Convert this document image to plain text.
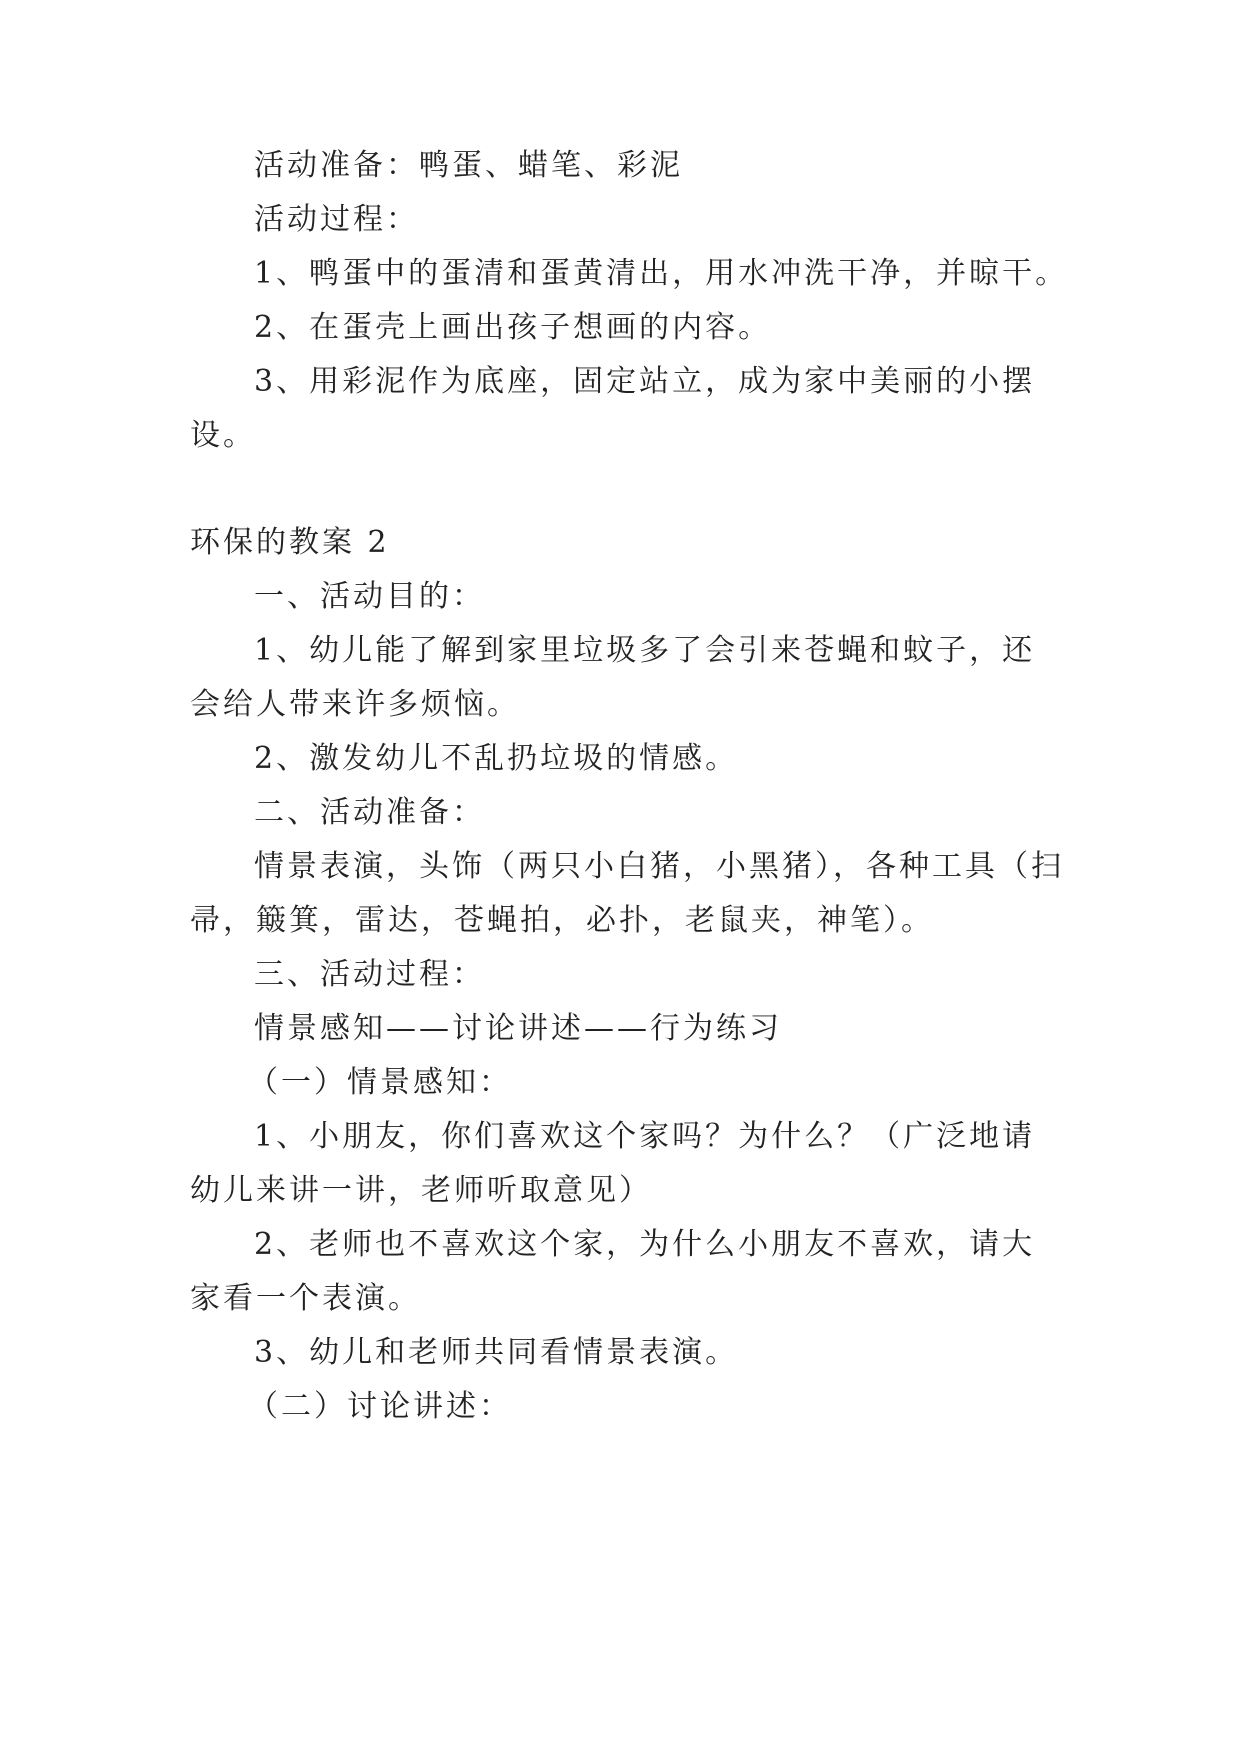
活动准备：鸭蛋、蜡笔、彩泥
活动过程：
1、鸭蛋中的蛋清和蛋黄清出，用水冲洗干净，并晾干。
2、在蛋壳上画出孩子想画的内容。
3、用彩泥作为底座，固定站立，成为家中美丽的小摆
设。
环保的教案 2
一、活动目的：
1、幼儿能了解到家里垃圾多了会引来苍蝇和蚊子，还
会给人带来许多烦恼。
2、激发幼儿不乱扔垃圾的情感。
二、活动准备：
情景表演，头饰（两只小白猪，小黑猪），各种工具（扫
帚，簸箕，雷达，苍蝇拍，必扑，老鼠夹，神笔）。
三、活动过程：
情景感知——讨论讲述——行为练习
（一）情景感知：
1、小朋友，你们喜欢这个家吗？为什么？（广泛地请
幼儿来讲一讲，老师听取意见）
2、老师也不喜欢这个家，为什么小朋友不喜欢，请大
家看一个表演。
3、幼儿和老师共同看情景表演。
（二）讨论讲述：
